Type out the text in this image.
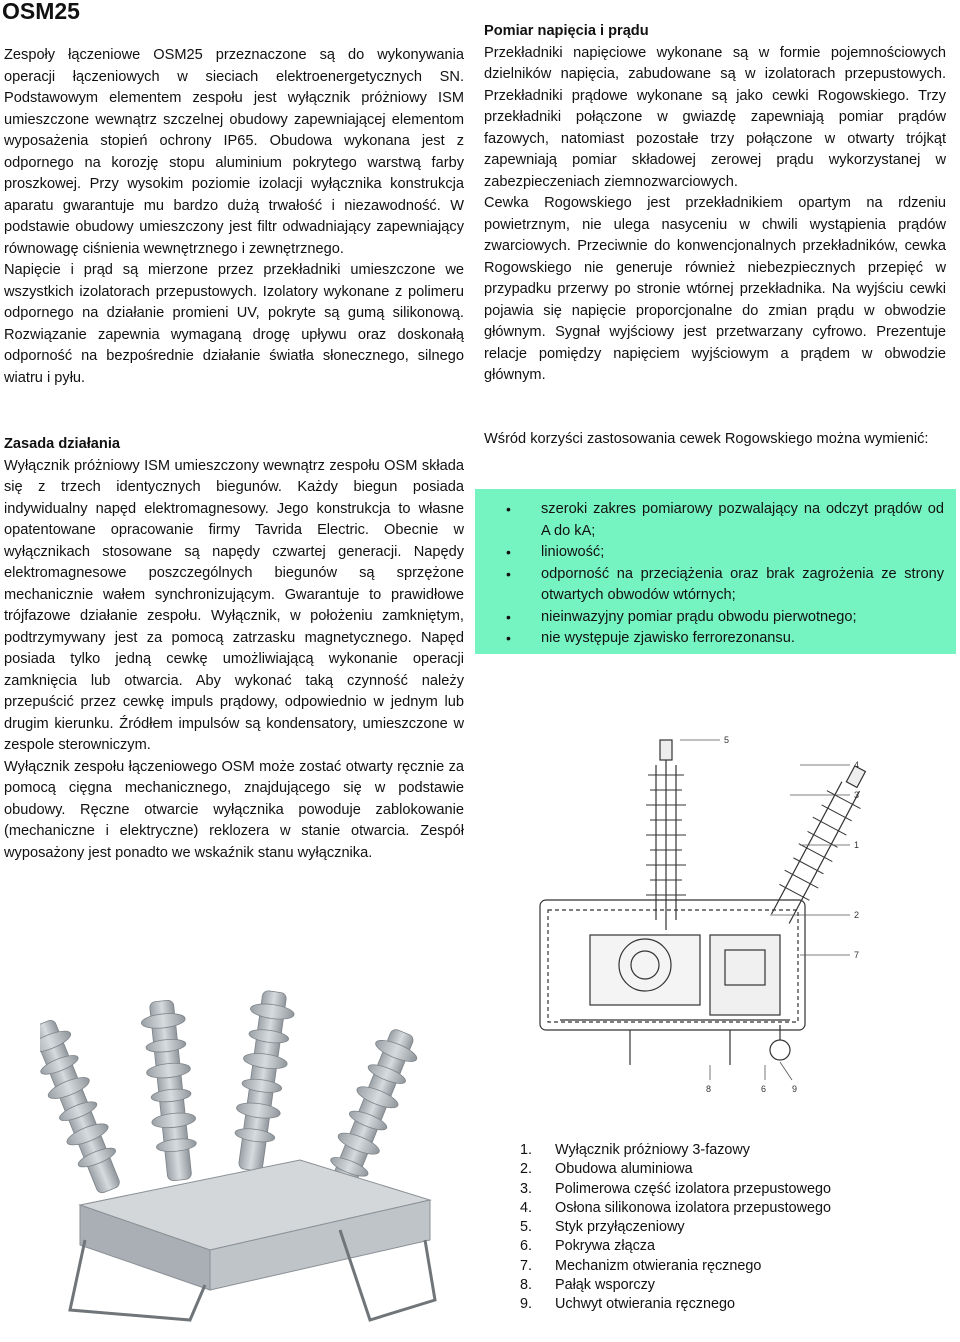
OSM25

Zespoły łączeniowe OSM25 przeznaczone są do wykonywania operacji łączeniowych w sieciach elektroenergetycznych SN. Podstawowym elementem zespołu jest wyłącznik próżniowy ISM umieszczone wewnątrz szczelnej obudowy zapewniającej elementom wyposażenia stopień ochrony IP65. Obudowa wykonana jest z odpornego na korozję stopu aluminium pokrytego warstwą farby proszkowej. Przy wysokim poziomie izolacji wyłącznika konstrukcja aparatu gwarantuje mu bardzo dużą trwałość i niezawodność. W podstawie obudowy umieszczony jest filtr odwadniający zapewniający równowagę ciśnienia wewnętrznego i zewnętrznego.

Napięcie i prąd są mierzone przez przekładniki umieszczone we wszystkich izolatorach przepustowych. Izolatory wykonane z polimeru odpornego na działanie promieni UV, pokryte są gumą silikonową. Rozwiązanie zapewnia wymaganą drogę upływu oraz doskonałą odporność na bezpośrednie działanie światła słonecznego, silnego wiatru i pyłu.

Zasada działania

Wyłącznik próżniowy ISM umieszczony wewnątrz zespołu OSM składa się z trzech identycznych biegunów. Każdy biegun posiada indywidualny napęd elektromagnesowy. Jego konstrukcja to własne opatentowane opracowanie firmy Tavrida Electric. Obecnie w wyłącznikach stosowane są napędy czwartej generacji. Napędy elektromagnesowe poszczególnych biegunów są sprzężone mechanicznie wałem synchronizującym. Gwarantuje to prawidłowe trójfazowe działanie zespołu. Wyłącznik, w położeniu zamkniętym, podtrzymywany jest za pomocą zatrzasku magnetycznego. Napęd posiada tylko jedną cewkę umożliwiającą wykonanie operacji zamknięcia lub otwarcia. Aby wykonać taką czynność należy przepuścić przez cewkę impuls prądowy, odpowiednio w jednym lub drugim kierunku. Źródłem impulsów są kondensatory, umieszczone w zespole sterowniczym.

Wyłącznik zespołu łączeniowego OSM może zostać otwarty ręcznie za pomocą cięgna mechanicznego, znajdującego się w podstawie obudowy. Ręczne otwarcie wyłącznika powoduje zablokowanie (mechaniczne i elektryczne) reklozera w stanie otwarcia. Zespół wyposażony jest ponadto we wskaźnik stanu wyłącznika.

Pomiar napięcia i prądu

Przekładniki napięciowe wykonane są w formie pojemnościowych dzielników napięcia, zabudowane są w izolatorach przepustowych. Przekładniki prądowe wykonane są jako cewki Rogowskiego. Trzy przekładniki połączone w gwiazdę zapewniają pomiar prądów fazowych, natomiast pozostałe trzy połączone w otwarty trójkąt zapewniają pomiar składowej zerowej prądu wykorzystanej w zabezpieczeniach ziemnozwarciowych.

Cewka Rogowskiego jest przekładnikiem opartym na rdzeniu powietrznym, nie ulega nasyceniu w chwili wystąpienia prądów zwarciowych. Przeciwnie do konwencjonalnych przekładników, cewka Rogowskiego nie generuje również niebezpiecznych przepięć w przypadku przerwy po stronie wtórnej przekładnika. Na wyjściu cewki pojawia się napięcie proporcjonalne do zmian prądu w obwodzie głównym. Sygnał wyjściowy jest przetwarzany cyfrowo. Prezentuje relacje pomiędzy napięciem wyjściowym a prądem w obwodzie głównym.

Wśród korzyści zastosowania cewek Rogowskiego można wymienić:

• szeroki zakres pomiarowy pozwalający na odczyt prądów od A do kA;
• liniowość;
• odporność na przeciążenia oraz brak zagrożenia ze strony otwartych obwodów wtórnych;
• nieinwazyjny pomiar prądu obwodu pierwotnego;
• nie występuje zjawisko ferrorezonansu.
5
4
3
1
2
7
8	6	9
1.	Wyłącznik próżniowy 3-fazowy
2.	Obudowa aluminiowa
3.	Polimerowa część izolatora przepustowego
4.	Osłona silikonowa izolatora przepustowego
5.	Styk przyłączeniowy
6.	Pokrywa złącza
7.	Mechanizm otwierania ręcznego
8.	Pałąk wsporczy
9.	Uchwyt otwierania ręcznego
